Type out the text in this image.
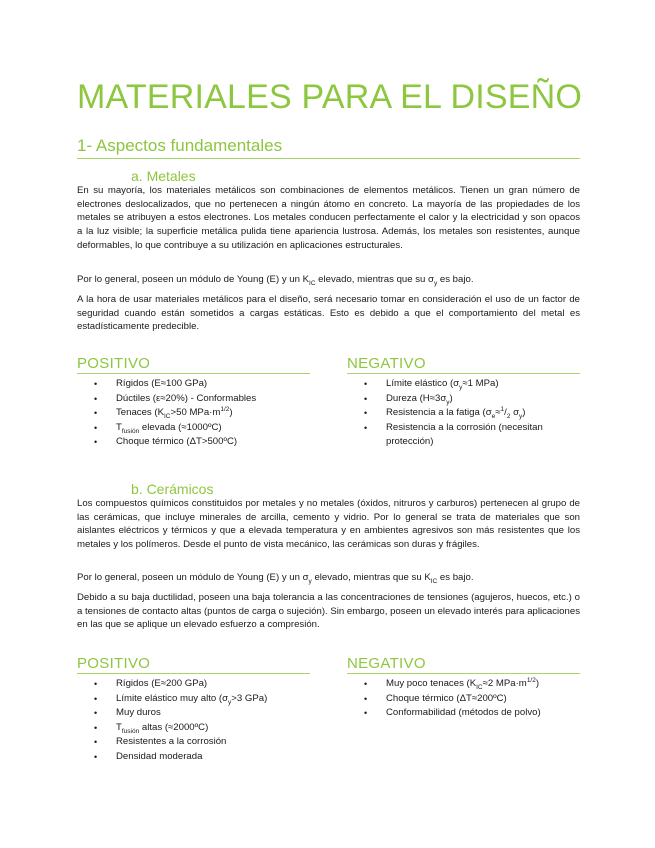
MATERIALES PARA EL DISEÑO
1- Aspectos fundamentales
a. Metales

En su mayoría, los materiales metálicos son combinaciones de elementos metálicos. Tienen un gran número de electrones deslocalizados, que no pertenecen a ningún átomo en concreto. La mayoría de las propiedades de los metales se atribuyen a estos electrones. Los metales conducen perfectamente el calor y la electricidad y son opacos a la luz visible; la superficie metálica pulida tiene apariencia lustrosa. Además, los metales son resistentes, aunque deformables, lo que contribuye a su utilización en aplicaciones estructurales.

Por lo general, poseen un módulo de Young (E) y un $K_{IC}$ elevado, mientras que su $\sigma_y$ es bajo.

A la hora de usar materiales metálicos para el diseño, será necesario tomar en consideración el uso de un factor de seguridad cuando están sometidos a cargas estáticas. Esto es debido a que el comportamiento del metal es estadísticamente predecible.

POSITIVO
• Rígidos (E≈100 GPa)
• Dúctiles (ε≈20%) - Conformables
• Tenaces ($K_{IC}>50$ $MPa\cdot m^{1/2}$)
• $T_{fusión}$ elevada (≈1000ºC)
• Choque térmico (ΔT>500ºC)
NEGATIVO
• Límite elástico ($\sigma_y\approx 1$ MPa)
• Dureza $(H\approx 3\sigma_y)$
• Resistencia a la fatiga ($\sigma_e\approx^1/_2$ $\sigma_y$)
• Resistencia a la corrosión (necesitan protección)
b. Cerámicos

Los compuestos químicos constituidos por metales y no metales (óxidos, nitruros y carburos) pertenecen al grupo de las cerámicas, que incluye minerales de arcilla, cemento y vidrio. Por lo general se trata de materiales que son aislantes eléctricos y térmicos y que a elevada temperatura y en ambientes agresivos son más resistentes que los metales y los polímeros. Desde el punto de vista mecánico, las cerámicas son duras y frágiles.

Por lo general, poseen un módulo de Young (E) y un $\sigma_y$ elevado, mientras que su $K_{IC}$ es bajo.

Debido a su baja ductilidad, poseen una baja tolerancia a las concentraciones de tensiones (agujeros, huecos, etc.) o a tensiones de contacto altas (puntos de carga o sujeción). Sin embargo, poseen un elevado interés para aplicaciones en las que se aplique un elevado esfuerzo a compresión.

POSITIVO
• Rígidos (E≈200 GPa)
• Límite elástico muy alto ($\sigma_y>3$ GPa)
• Muy duros
• $T_{fusión}$ altas (≈2000ºC)
• Resistentes a la corrosión
• Densidad moderada
NEGATIVO
• Muy poco tenaces ($K_{IC}\approx 2$ $MPa\cdot m^{1/2}$)
• Choque térmico (ΔT≈200ºC)
• Conformabilidad (métodos de polvo)
